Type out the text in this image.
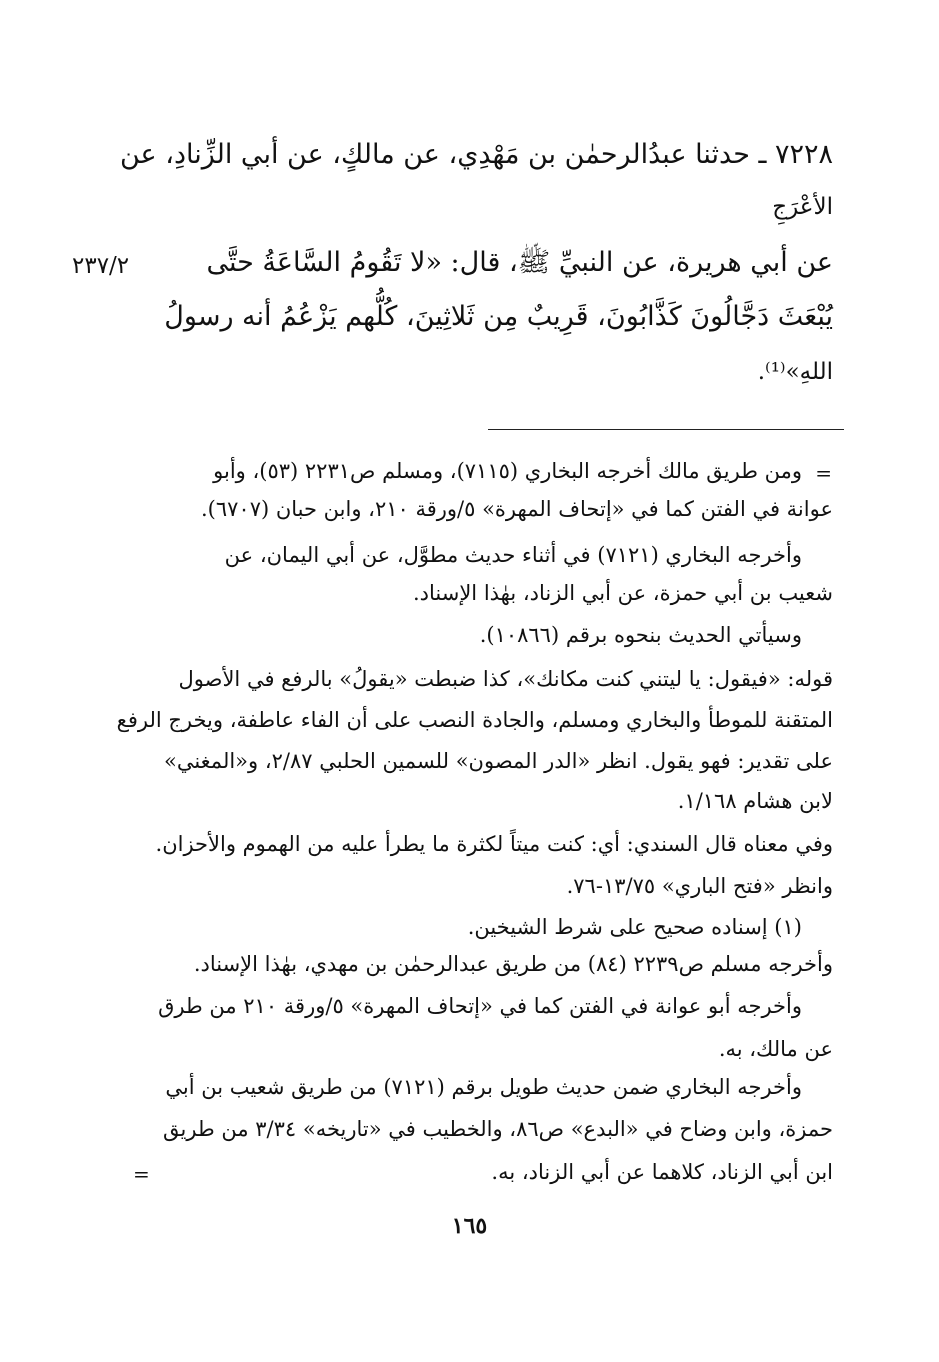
٧٢٢٨ ـ حدثنا عبدُالرحمٰن بن مَهْدِي، عن مالكٍ، عن أبي الزِّنادِ، عن
الأعْرَجِ
عن أبي هريرة، عن النبيِّ ﷺ، قال: «لا تَقُومُ السَّاعَةُ حتَّى
٢٣٧/٢
يُبْعَثَ دَجَّالُونَ كَذَّابُونَ، قَرِيبٌ مِن ثَلاثِينَ، كُلُّهم يَزْعُمُ أنه رسولُ
اللهِ»⁽¹⁾.
=
ومن طريق مالك أخرجه البخاري (٧١١٥)، ومسلم ص٢٢٣١ (٥٣)، وأبو
عوانة في الفتن كما في «إتحاف المهرة» ٥/ورقة ٢١٠، وابن حبان (٦٧٠٧).
وأخرجه البخاري (٧١٢١) في أثناء حديث مطوَّل، عن أبي اليمان، عن
شعيب بن أبي حمزة، عن أبي الزناد، بهٰذا الإسناد.
وسيأتي الحديث بنحوه برقم (١٠٨٦٦).
قوله: «فيقول: يا ليتني كنت مكانك»، كذا ضبطت «يقولُ» بالرفع في الأصول
المتقنة للموطأ والبخاري ومسلم، والجادة النصب على أن الفاء عاطفة، ويخرج الرفع
على تقدير: فهو يقول. انظر «الدر المصون» للسمين الحلبي ٢/٨٧، و«المغني»
لابن هشام ١/١٦٨.
وفي معناه قال السندي: أي: كنت ميتاً لكثرة ما يطرأ عليه من الهموم والأحزان.
وانظر «فتح الباري» ١٣/٧٥-٧٦.
(١) إسناده صحيح على شرط الشيخين.
وأخرجه مسلم ص٢٢٣٩ (٨٤) من طريق عبدالرحمٰن بن مهدي، بهٰذا الإسناد.
وأخرجه أبو عوانة في الفتن كما في «إتحاف المهرة» ٥/ورقة ٢١٠ من طرق
عن مالك، به.
وأخرجه البخاري ضمن حديث طويل برقم (٧١٢١) من طريق شعيب بن أبي
حمزة، وابن وضاح في «البدع» ص٨٦، والخطيب في «تاريخه» ٣/٣٤ من طريق
ابن أبي الزناد، كلاهما عن أبي الزناد، به.
=
١٦٥
